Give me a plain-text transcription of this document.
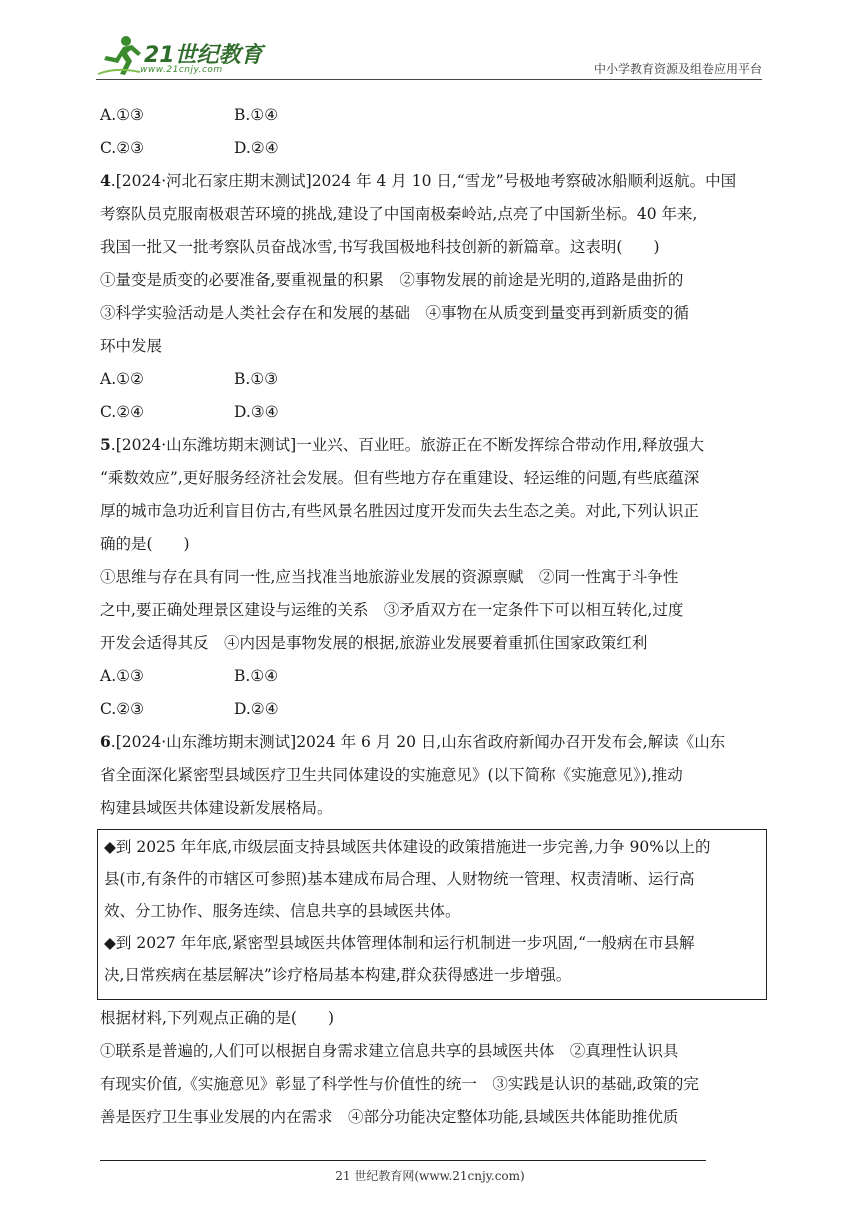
21世纪教育
www.21cnjy.com	中小学教育资源及组卷应用平台
A.①③	B.①④
C.②③	D.②④
4.[2024·河北石家庄期末测试]2024 年 4 月 10 日,“雪龙”号极地考察破冰船顺利返航。中国
考察队员克服南极艰苦环境的挑战,建设了中国南极秦岭站,点亮了中国新坐标。40 年来,
我国一批又一批考察队员奋战冰雪,书写我国极地科技创新的新篇章。这表明(　　)
①量变是质变的必要准备,要重视量的积累　②事物发展的前途是光明的,道路是曲折的
③科学实验活动是人类社会存在和发展的基础　④事物在从质变到量变再到新质变的循
环中发展
A.①②	B.①③
C.②④	D.③④
5.[2024·山东潍坊期末测试]一业兴、百业旺。旅游正在不断发挥综合带动作用,释放强大
“乘数效应”,更好服务经济社会发展。但有些地方存在重建设、轻运维的问题,有些底蕴深
厚的城市急功近利盲目仿古,有些风景名胜因过度开发而失去生态之美。对此,下列认识正
确的是(　　)
①思维与存在具有同一性,应当找准当地旅游业发展的资源禀赋　②同一性寓于斗争性
之中,要正确处理景区建设与运维的关系　③矛盾双方在一定条件下可以相互转化,过度
开发会适得其反　④内因是事物发展的根据,旅游业发展要着重抓住国家政策红利
A.①③	B.①④
C.②③	D.②④
6.[2024·山东潍坊期末测试]2024 年 6 月 20 日,山东省政府新闻办召开发布会,解读《山东
省全面深化紧密型县域医疗卫生共同体建设的实施意见》(以下简称《实施意见》),推动
构建县域医共体建设新发展格局。
◆到 2025 年年底,市级层面支持县域医共体建设的政策措施进一步完善,力争 90%以上的
县(市,有条件的市辖区可参照)基本建成布局合理、人财物统一管理、权责清晰、运行高
效、分工协作、服务连续、信息共享的县域医共体。
◆到 2027 年年底,紧密型县域医共体管理体制和运行机制进一步巩固,“一般病在市县解
决,日常疾病在基层解决”诊疗格局基本构建,群众获得感进一步增强。
根据材料,下列观点正确的是(　　)
①联系是普遍的,人们可以根据自身需求建立信息共享的县域医共体　②真理性认识具
有现实价值,《实施意见》彰显了科学性与价值性的统一　③实践是认识的基础,政策的完
善是医疗卫生事业发展的内在需求　④部分功能决定整体功能,县域医共体能助推优质
21 世纪教育网(www.21cnjy.com)
